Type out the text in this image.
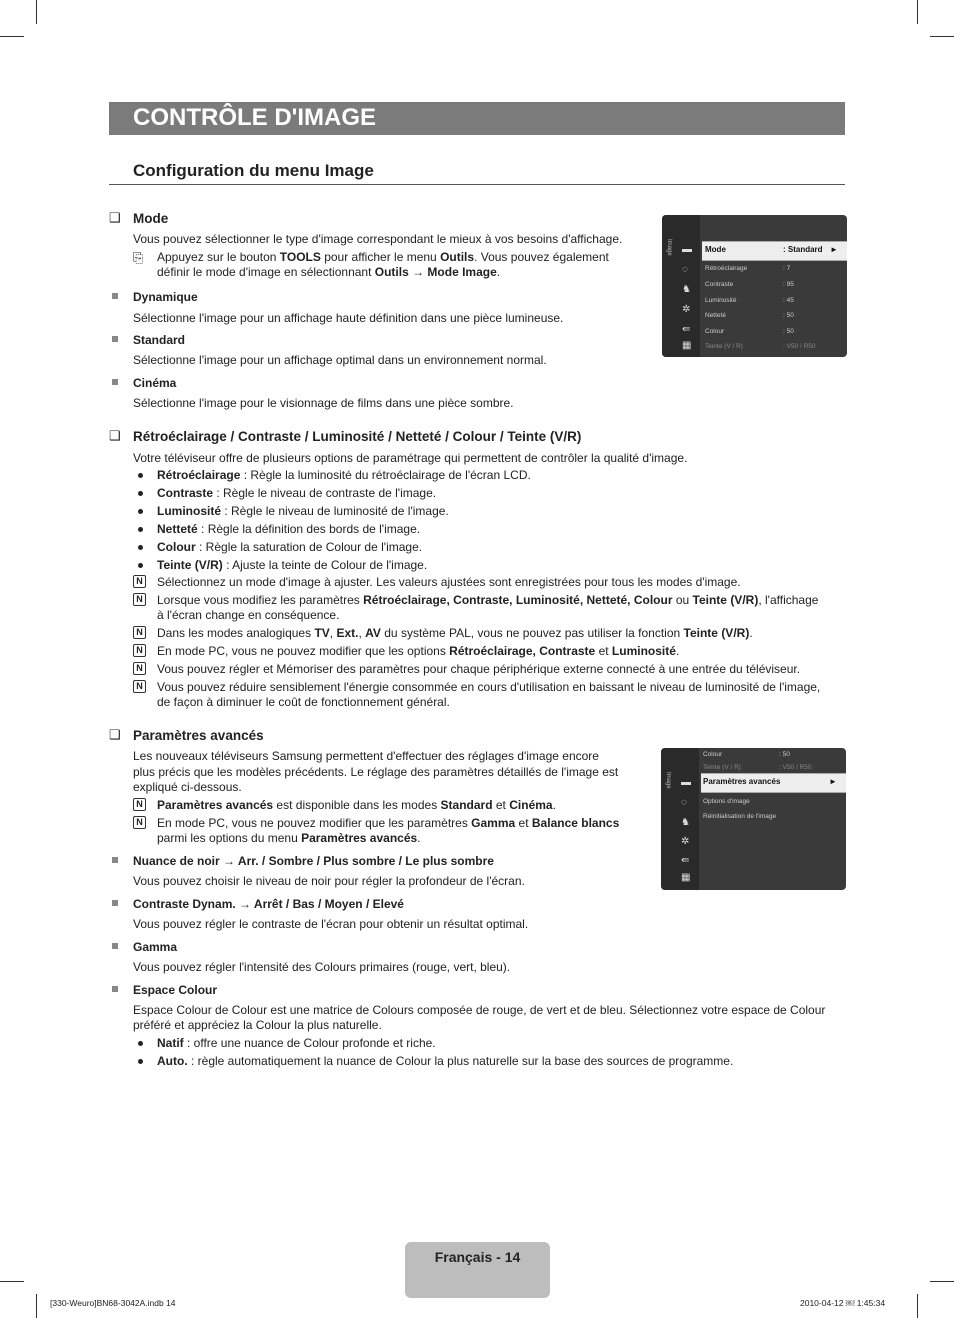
CONTRÔLE D'IMAGE
Configuration du menu Image
❑ Mode
Vous pouvez sélectionner le type d'image correspondant le mieux à vos besoins d'affichage.
⎘ Appuyez sur le bouton TOOLS pour afficher le menu Outils. Vous pouvez également
définir le mode d'image en sélectionnant Outils → Mode Image.
Dynamique
Sélectionne l'image pour un affichage haute définition dans une pièce lumineuse.
Standard
Sélectionne l'image pour un affichage optimal dans un environnement normal.
Cinéma
Sélectionne l'image pour le visionnage de films dans une pièce sombre.
Image ▬
◌
♞
✲
⇚
▦
Mode	: Standard ►
Rétroéclairage	: 7
Contraste	: 95
Luminosité	: 45
Netteté	: 50
Colour	: 50
Teinte (V / R)	: V50 / R50
❑ Rétroéclairage / Contraste / Luminosité / Netteté / Colour / Teinte (V/R)
Votre téléviseur offre de plusieurs options de paramétrage qui permettent de contrôler la qualité d'image.
Rétroéclairage : Règle la luminosité du rétroéclairage de l'écran LCD.
Contraste : Règle le niveau de contraste de l'image.
Luminosité : Règle le niveau de luminosité de l'image.
Netteté : Règle la définition des bords de l'image.
Colour : Règle la saturation de Colour de l'image.
Teinte (V/R) : Ajuste la teinte de Colour de l'image.
N Sélectionnez un mode d'image à ajuster. Les valeurs ajustées sont enregistrées pour tous les modes d'image.
N Lorsque vous modifiez les paramètres Rétroéclairage, Contraste, Luminosité, Netteté, Colour ou Teinte (V/R), l'affichage
à l'écran change en conséquence.
N Dans les modes analogiques TV, Ext., AV du système PAL, vous ne pouvez pas utiliser la fonction Teinte (V/R).
N En mode PC, vous ne pouvez modifier que les options Rétroéclairage, Contraste et Luminosité.
N Vous pouvez régler et Mémoriser des paramètres pour chaque périphérique externe connecté à une entrée du téléviseur.
N Vous pouvez réduire sensiblement l'énergie consommée en cours d'utilisation en baissant le niveau de luminosité de l'image,
de façon à diminuer le coût de fonctionnement général.
❑ Paramètres avancés
Les nouveaux téléviseurs Samsung permettent d'effectuer des réglages d'image encore
plus précis que les modèles précédents. Le réglage des paramètres détaillés de l'image est
expliqué ci-dessous.
N Paramètres avancés est disponible dans les modes Standard et Cinéma.
N En mode PC, vous ne pouvez modifier que les paramètres Gamma et Balance blancs
parmi les options du menu Paramètres avancés.
Nuance de noir → Arr. / Sombre / Plus sombre / Le plus sombre
Vous pouvez choisir le niveau de noir pour régler la profondeur de l'écran.
Contraste Dynam. → Arrêt / Bas / Moyen / Elevé
Vous pouvez régler le contraste de l'écran pour obtenir un résultat optimal.
Gamma
Vous pouvez régler l'intensité des Colours primaires (rouge, vert, bleu).
Espace Colour
Espace Colour de Colour est une matrice de Colours composée de rouge, de vert et de bleu. Sélectionnez votre espace de Colour
préféré et appréciez la Colour la plus naturelle.
Natif : offre une nuance de Colour profonde et riche.
Auto. : règle automatiquement la nuance de Colour la plus naturelle sur la base des sources de programme.
Image ▬
◌
♞
✲
⇚
▦
Colour	: 50
Teinte (V / R)	: V50 / R50
Paramètres avancés	►
Options d'image
Réinitialisation de l'image
Français - 14
[330-Weuro]BN68-3042A.indb 14	2010-04-12 ￼ 1:45:34
